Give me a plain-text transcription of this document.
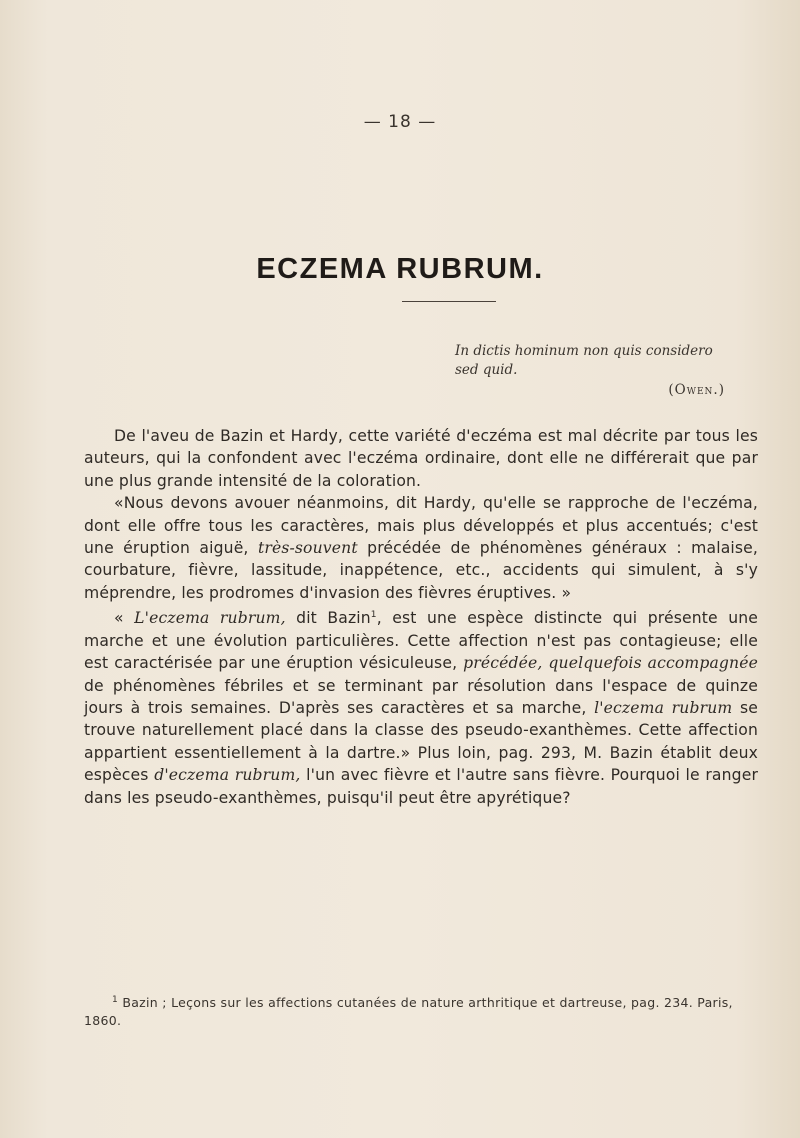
— 18 —
ECZEMA RUBRUM.
In dictis hominum non quis considero
sed quid.
(Owen.)

De l'aveu de Bazin et Hardy, cette variété d'eczéma est mal décrite par tous les auteurs, qui la confondent avec l'eczéma ordinaire, dont elle ne différerait que par une plus grande intensité de la coloration.

«Nous devons avouer néanmoins, dit Hardy, qu'elle se rapproche de l'eczéma, dont elle offre tous les caractères, mais plus développés et plus accentués; c'est une éruption aiguë, très-souvent précédée de phénomènes généraux : malaise, courbature, fièvre, lassitude, inappétence, etc., accidents qui simulent, à s'y méprendre, les prodromes d'invasion des fièvres éruptives. »

« L'eczema rubrum, dit Bazin$^1$, est une espèce distincte qui présente une marche et une évolution particulières. Cette affection n'est pas contagieuse; elle est caractérisée par une éruption vésiculeuse, précédée, quelquefois accompagnée de phénomènes fébriles et se terminant par résolution dans l'espace de quinze jours à trois semaines. D'après ses caractères et sa marche, l'eczema rubrum se trouve naturellement placé dans la classe des pseudo-exanthèmes. Cette affection appartient essentiellement à la dartre.» Plus loin, pag. 293, M. Bazin établit deux espèces d'eczema rubrum, l'un avec fièvre et l'autre sans fièvre. Pourquoi le ranger dans les pseudo-exanthèmes, puisqu'il peut être apyrétique?

$^1$ Bazin ; Leçons sur les affections cutanées de nature arthritique et dartreuse, pag. 234. Paris, 1860.
